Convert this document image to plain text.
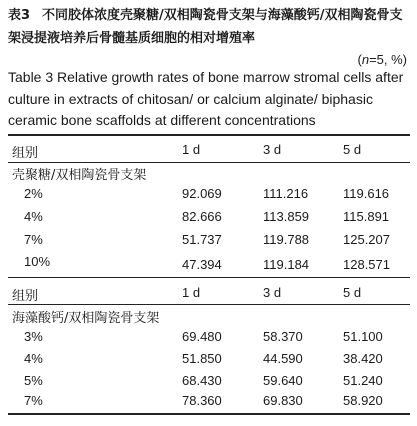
表3 不同胶体浓度壳聚糖/双相陶瓷骨支架与海藻酸钙/双相陶瓷骨支架浸提液培养后骨髓基质细胞的相对增殖率

(n=5, %)

Table 3 Relative growth rates of bone marrow stromal cells after culture in extracts of chitosan/ or calcium alginate/ biphasic ceramic bone scaffolds at different concentrations

组别	1 d	3 d	5 d
壳聚糖/双相陶瓷骨支架
2%	92.069	111.216	119.616
4%	82.666	113.859	115.891
7%	51.737	119.788	125.207
10%	47.394	119.184	128.571
组别	1 d	3 d	5 d
海藻酸钙/双相陶瓷骨支架
3%	69.480	58.370	51.100
4%	51.850	44.590	38.420
5%	68.430	59.640	51.240
7%	78.360	69.830	58.920
